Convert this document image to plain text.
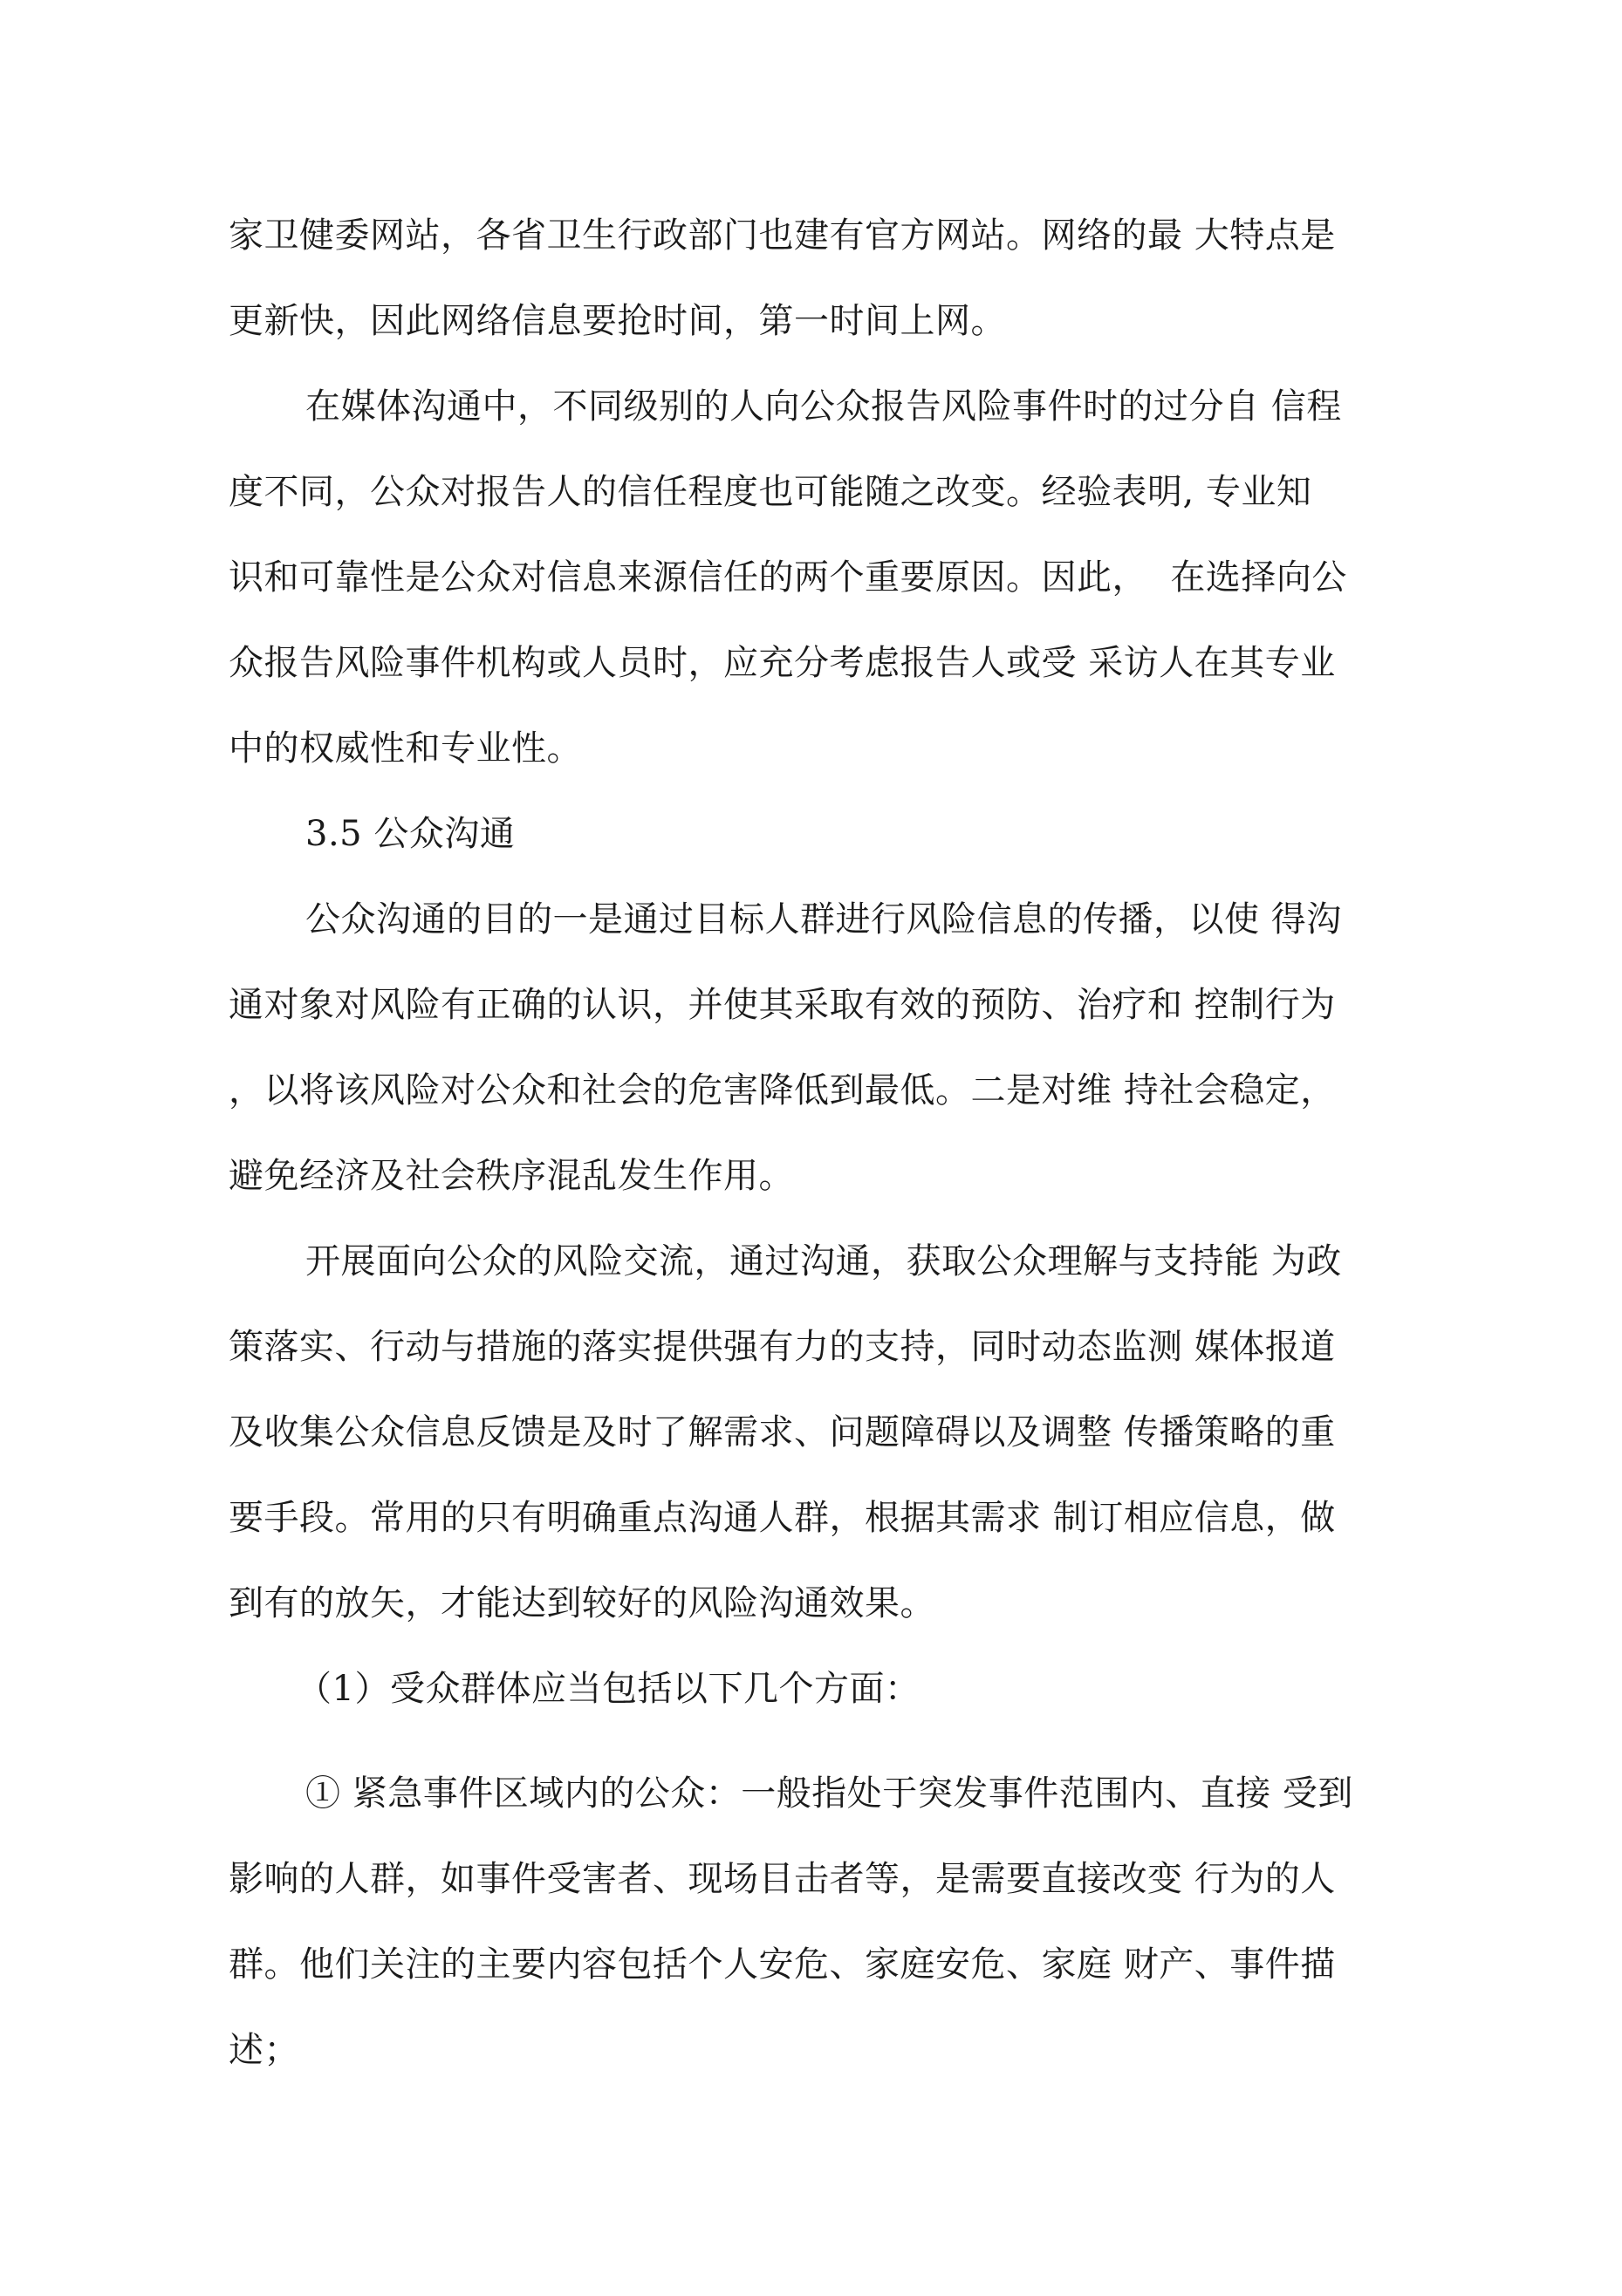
家卫健委网站，各省卫生行政部门也建有官方网站。网络的最 大特点是
更新快，因此网络信息要抢时间，第一时间上网。
在媒体沟通中，不同级别的人向公众报告风险事件时的过分自 信程
度不同，公众对报告人的信任程度也可能随之改变。经验表明, 专业知
识和可靠性是公众对信息来源信任的两个重要原因。因此，  在选择向公
众报告风险事件机构或人员时，应充分考虑报告人或受 采访人在其专业
中的权威性和专业性。
3.5 公众沟通
公众沟通的目的一是通过目标人群进行风险信息的传播，以使 得沟
通对象对风险有正确的认识，并使其采取有效的预防、治疗和 控制行为
，以将该风险对公众和社会的危害降低到最低。二是对维 持社会稳定，
避免经济及社会秩序混乱发生作用。
开展面向公众的风险交流，通过沟通，获取公众理解与支持能 为政
策落实、行动与措施的落实提供强有力的支持，同时动态监测 媒体报道
及收集公众信息反馈是及时了解需求、问题障碍以及调整 传播策略的重
要手段。常用的只有明确重点沟通人群，根据其需求 制订相应信息，做
到有的放矢，才能达到较好的风险沟通效果。
（1）受众群体应当包括以下几个方面：
① 紧急事件区域内的公众：一般指处于突发事件范围内、直接 受到
影响的人群，如事件受害者、现场目击者等，是需要直接改变 行为的人
群。他们关注的主要内容包括个人安危、家庭安危、家庭 财产、事件描
述；
